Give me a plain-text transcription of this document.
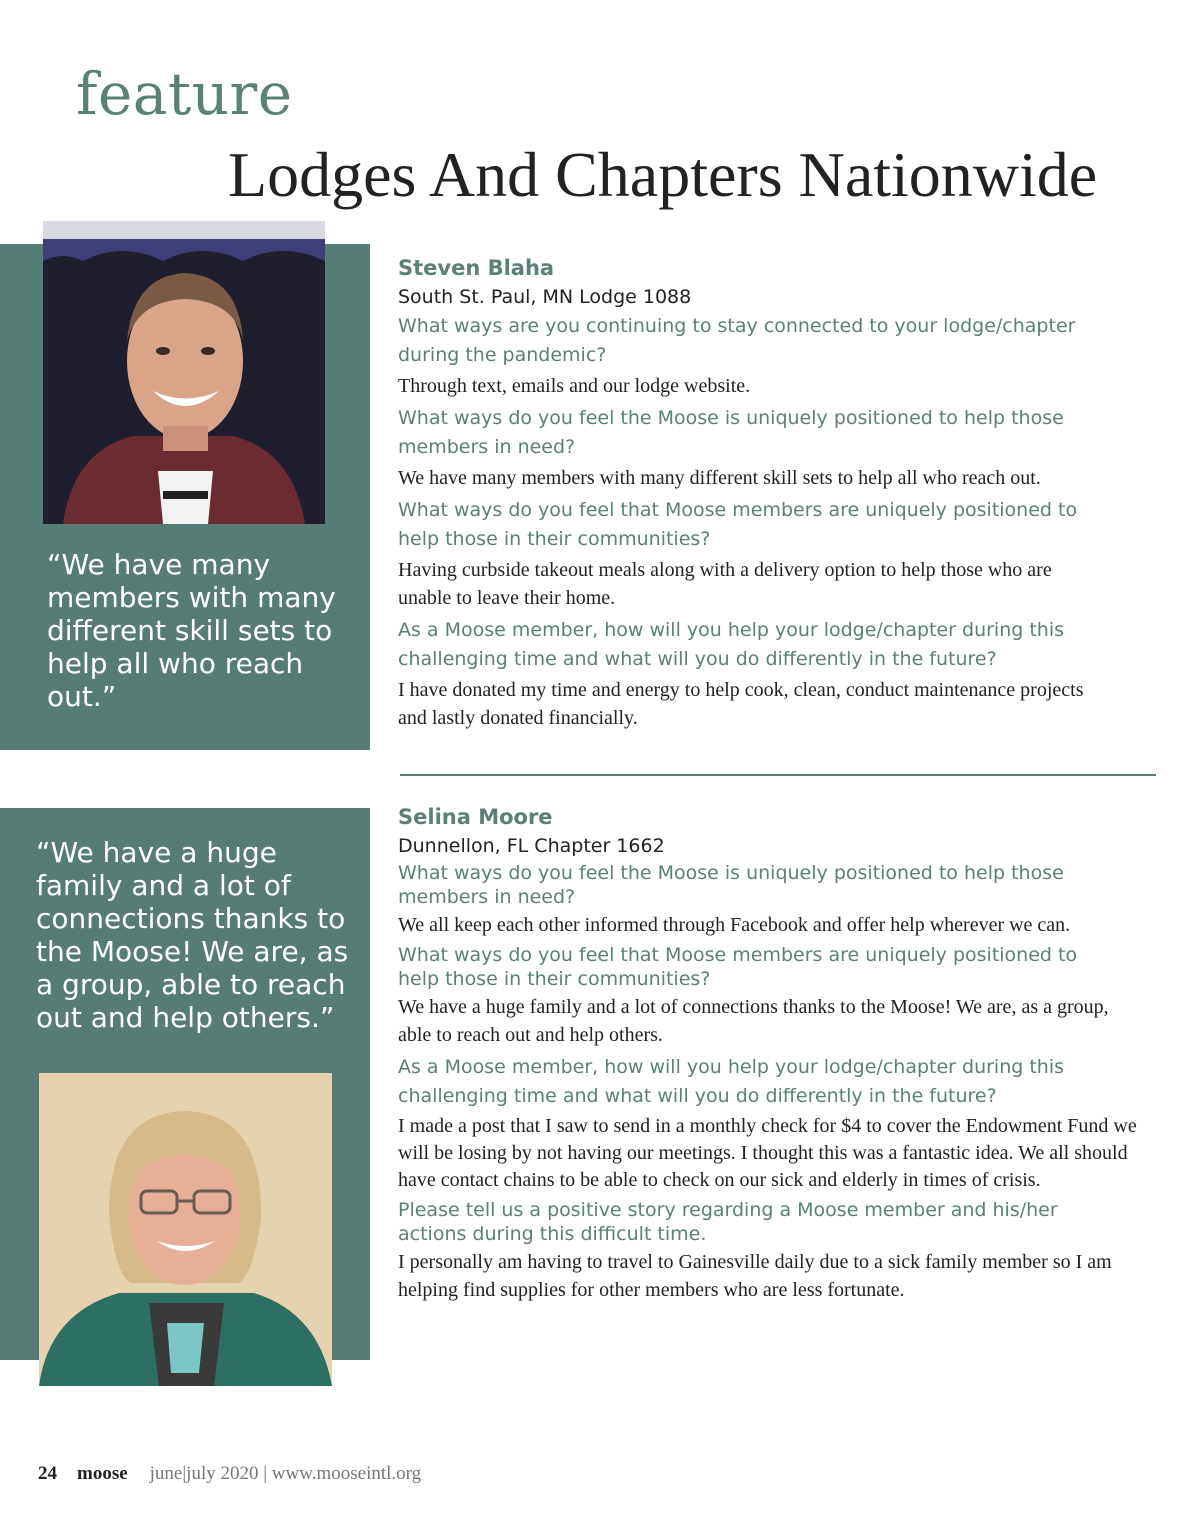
feature
Lodges And Chapters Nationwide
“We have many members with many different skill sets to help all who reach out.”
Steven Blaha
South St. Paul, MN Lodge 1088
What ways are you continuing to stay connected to your lodge/chapter during the pandemic?
Through text, emails and our lodge website.
What ways do you feel the Moose is uniquely positioned to help those members in need?
We have many members with many different skill sets to help all who reach out.
What ways do you feel that Moose members are uniquely positioned to help those in their communities?
Having curbside takeout meals along with a delivery option to help those who are unable to leave their home.
As a Moose member, how will you help your lodge/chapter during this challenging time and what will you do differently in the future?
I have donated my time and energy to help cook, clean, conduct maintenance projects and lastly donated financially.
“We have a huge family and a lot of connections thanks to the Moose! We are, as a group, able to reach out and help others.”
Selina Moore
Dunnellon, FL Chapter 1662
What ways do you feel the Moose is uniquely positioned to help those members in need?
We all keep each other informed through Facebook and offer help wherever we can.
What ways do you feel that Moose members are uniquely positioned to help those in their communities?
We have a huge family and a lot of connections thanks to the Moose! We are, as a group, able to reach out and help others.
As a Moose member, how will you help your lodge/chapter during this challenging time and what will you do differently in the future?
I made a post that I saw to send in a monthly check for $4 to cover the Endowment Fund we will be losing by not having our meetings. I thought this was a fantastic idea. We all should have contact chains to be able to check on our sick and elderly in times of crisis.
Please tell us a positive story regarding a Moose member and his/her actions during this difficult time.
I personally am having to travel to Gainesville daily due to a sick family member so I am helping find supplies for other members who are less fortunate.
24 moose june|july 2020 | www.mooseintl.org
